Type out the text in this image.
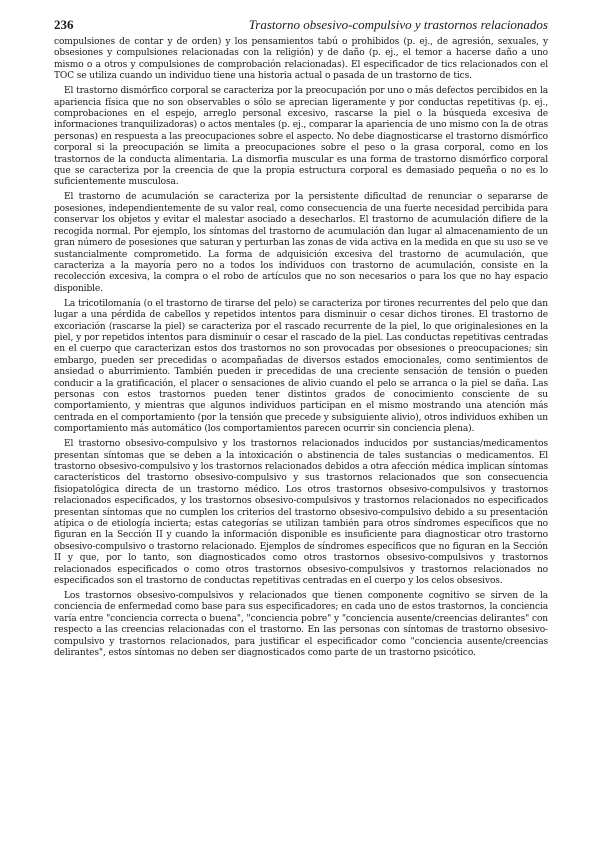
236	Trastorno obsesivo-compulsivo y trastornos relacionados

compulsiones de contar y de orden) y los pensamientos tabú o prohibidos (p. ej., de agresión, sexuales, y obsesiones y compulsiones relacionadas con la religión) y de daño (p. ej., el temor a hacerse daño a uno mismo o a otros y compulsiones de comprobación relacionadas). El especificador de tics relacionados con el TOC se utiliza cuando un individuo tiene una historia actual o pasada de un trastorno de tics.

El trastorno dismórfico corporal se caracteriza por la preocupación por uno o más defectos percibidos en la apariencia física que no son observables o sólo se aprecian ligeramente y por conductas repetitivas (p. ej., comprobaciones en el espejo, arreglo personal excesivo, rascarse la piel o la búsqueda excesiva de informaciones tranquilizadoras) o actos mentales (p. ej., comparar la apariencia de uno mismo con la de otras personas) en respuesta a las preocupaciones sobre el aspecto. No debe diagnosticarse el trastorno dismórfico corporal si la preocupación se limita a preocupaciones sobre el peso o la grasa corporal, como en los trastornos de la conducta alimentaria. La dismorfia muscular es una forma de trastorno dismórfico corporal que se caracteriza por la creencia de que la propia estructura corporal es demasiado pequeña o no es lo suficientemente musculosa.

El trastorno de acumulación se caracteriza por la persistente dificultad de renunciar o separarse de posesiones, independientemente de su valor real, como consecuencia de una fuerte necesidad percibida para conservar los objetos y evitar el malestar asociado a desecharlos. El trastorno de acumulación difiere de la recogida normal. Por ejemplo, los síntomas del trastorno de acumulación dan lugar al almacenamiento de un gran número de posesiones que saturan y perturban las zonas de vida activa en la medida en que su uso se ve sustancialmente comprometido. La forma de adquisición excesiva del trastorno de acumulación, que caracteriza a la mayoría pero no a todos los individuos con trastorno de acumulación, consiste en la recolección excesiva, la compra o el robo de artículos que no son necesarios o para los que no hay espacio disponible.

La tricotilomanía (o el trastorno de tirarse del pelo) se caracteriza por tirones recurrentes del pelo que dan lugar a una pérdida de cabellos y repetidos intentos para disminuir o cesar dichos tirones. El trastorno de excoriación (rascarse la piel) se caracteriza por el rascado recurrente de la piel, lo que originalesiones en la piel, y por repetidos intentos para disminuir o cesar el rascado de la piel. Las conductas repetitivas centradas en el cuerpo que caracterizan estos dos trastornos no son provocadas por obsesiones o preocupaciones; sin embargo, pueden ser precedidas o acompañadas de diversos estados emocionales, como sentimientos de ansiedad o aburrimiento. También pueden ir precedidas de una creciente sensación de tensión o pueden conducir a la gratificación, el placer o sensaciones de alivio cuando el pelo se arranca o la piel se daña. Las personas con estos trastornos pueden tener distintos grados de conocimiento consciente de su comportamiento, y mientras que algunos individuos participan en el mismo mostrando una atención más centrada en el comportamiento (por la tensión que precede y subsiguiente alivio), otros individuos exhiben un comportamiento más automático (los comportamientos parecen ocurrir sin conciencia plena).

El trastorno obsesivo-compulsivo y los trastornos relacionados inducidos por sustancias/medicamentos presentan síntomas que se deben a la intoxicación o abstinencia de tales sustancias o medicamentos. El trastorno obsesivo-compulsivo y los trastornos relacionados debidos a otra afección médica implican síntomas característicos del trastorno obsesivo-compulsivo y sus trastornos relacionados que son consecuencia fisiopatológica directa de un trastorno médico. Los otros trastornos obsesivo-compulsivos y trastornos relacionados especificados, y los trastornos obsesivo-compulsivos y trastornos relacionados no especificados presentan síntomas que no cumplen los criterios del trastorno obsesivo-compulsivo debido a su presentación atípica o de etiología incierta; estas categorías se utilizan también para otros síndromes específicos que no figuran en la Sección II y cuando la información disponible es insuficiente para diagnosticar otro trastorno obsesivo-compulsivo o trastorno relacionado. Ejemplos de síndromes específicos que no figuran en la Sección II y que, por lo tanto, son diagnosticados como otros trastornos obsesivo-compulsivos y trastornos relacionados especificados o como otros trastornos obsesivo-compulsivos y trastornos relacionados no especificados son el trastorno de conductas repetitivas centradas en el cuerpo y los celos obsesivos.

Los trastornos obsesivo-compulsivos y relacionados que tienen componente cognitivo se sirven de la conciencia de enfermedad como base para sus especificadores; en cada uno de estos trastornos, la conciencia varía entre "conciencia correcta o buena", "conciencia pobre" y "conciencia ausente/creencias delirantes" con respecto a las creencias relacionadas con el trastorno. En las personas con síntomas de trastorno obsesivo-compulsivo y trastornos relacionados, para justificar el especificador como "conciencia ausente/creencias delirantes", estos síntomas no deben ser diagnosticados como parte de un trastorno psicótico.
